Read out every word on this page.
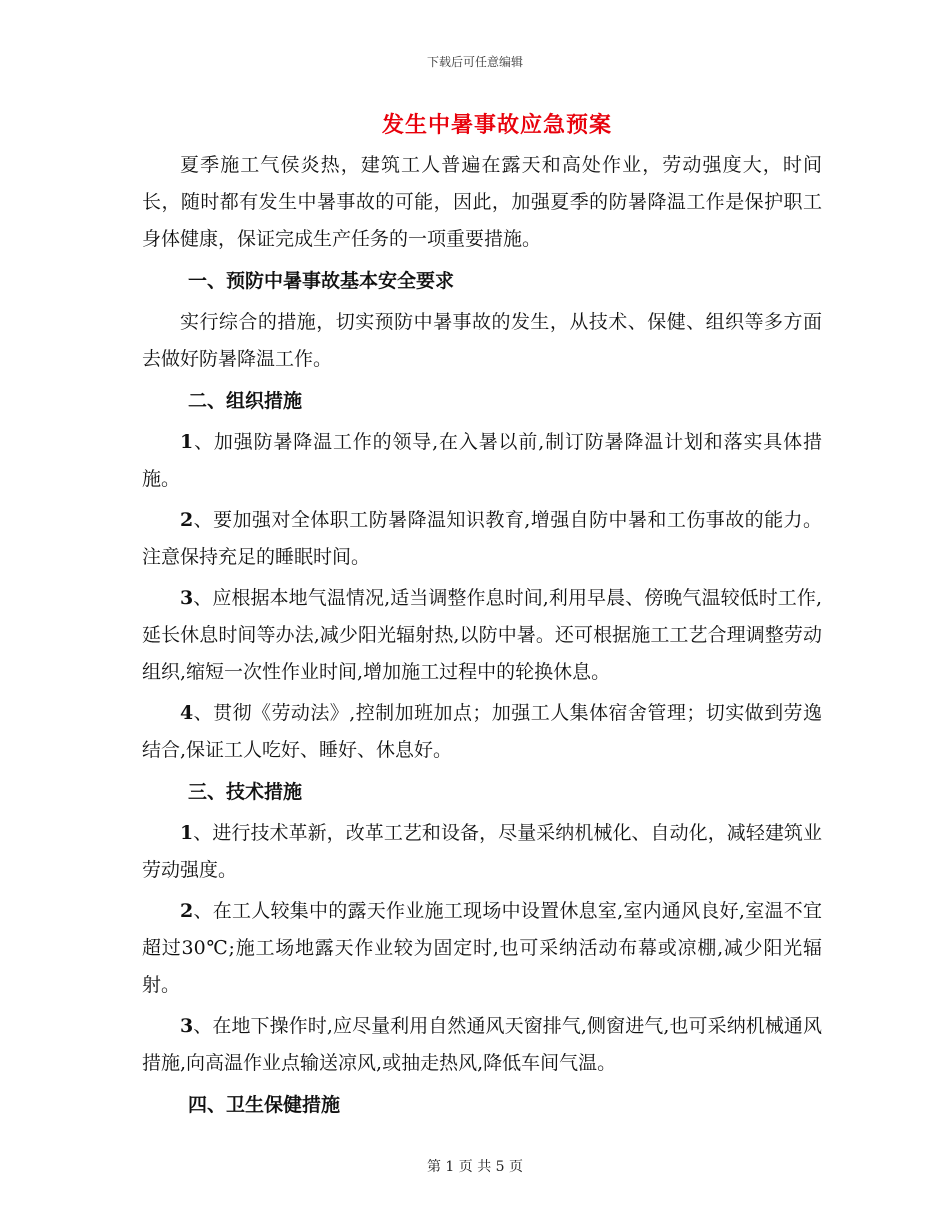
下载后可任意编辑
发生中暑事故应急预案

夏季施工气侯炎热，建筑工人普遍在露天和高处作业，劳动强度大，时间长，随时都有发生中暑事故的可能，因此，加强夏季的防暑降温工作是保护职工身体健康，保证完成生产任务的一项重要措施。

一、预防中暑事故基本安全要求

实行综合的措施，切实预防中暑事故的发生，从技术、保健、组织等多方面去做好防暑降温工作。

二、组织措施

1、加强防暑降温工作的领导,在入暑以前,制订防暑降温计划和落实具体措施。

2、要加强对全体职工防暑降温知识教育,增强自防中暑和工伤事故的能力。注意保持充足的睡眠时间。

3、应根据本地气温情况,适当调整作息时间,利用早晨、傍晚气温较低时工作,延长休息时间等办法,减少阳光辐射热,以防中暑。还可根据施工工艺合理调整劳动组织,缩短一次性作业时间,增加施工过程中的轮换休息。

4、贯彻《劳动法》,控制加班加点；加强工人集体宿舍管理；切实做到劳逸结合,保证工人吃好、睡好、休息好。

三、技术措施

1、进行技术革新，改革工艺和设备，尽量采纳机械化、自动化，减轻建筑业劳动强度。

2、在工人较集中的露天作业施工现场中设置休息室,室内通风良好,室温不宜超过30℃;施工场地露天作业较为固定时,也可采纳活动布幕或凉棚,减少阳光辐射。

3、在地下操作时,应尽量利用自然通风天窗排气,侧窗进气,也可采纳机械通风措施,向高温作业点输送凉风,或抽走热风,降低车间气温。

四、卫生保健措施
第 1 页 共 5 页
